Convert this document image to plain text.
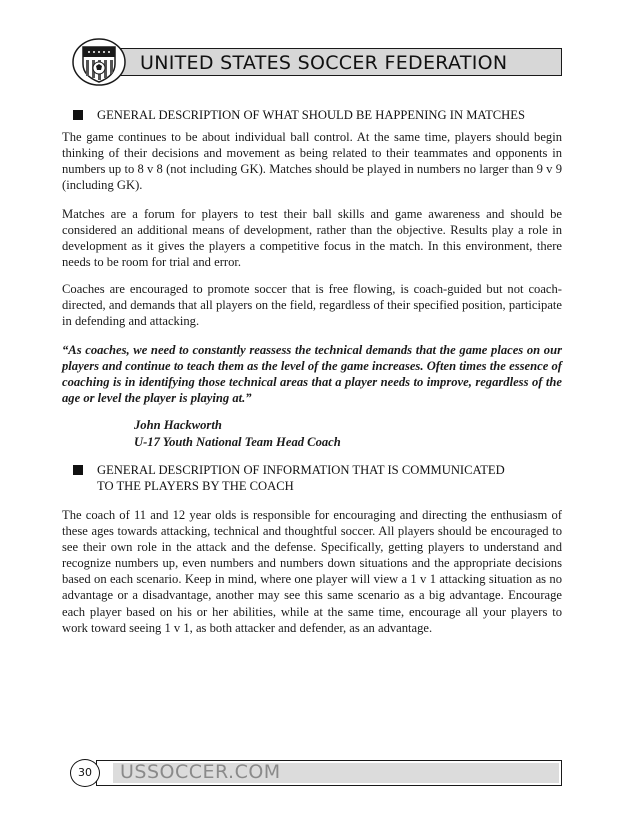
UNITED STATES SOCCER FEDERATION
GENERAL DESCRIPTION OF WHAT SHOULD BE HAPPENING IN MATCHES

The game continues to be about individual ball control. At the same time, players should begin thinking of their decisions and movement as being related to their teammates and opponents in numbers up to 8 v 8 (not including GK). Matches should be played in numbers no larger than 9 v 9 (including GK).

Matches are a forum for players to test their ball skills and game awareness and should be considered an additional means of development, rather than the objective. Results play a role in development as it gives the players a competitive focus in the match. In this environment, there needs to be room for trial and error.

Coaches are encouraged to promote soccer that is free flowing, is coach-guided but not coach-directed, and demands that all players on the field, regardless of their specified position, participate in defending and attacking.

“As coaches, we need to constantly reassess the technical demands that the game places on our players and continue to teach them as the level of the game increases. Often times the essence of coaching is in identifying those technical areas that a player needs to improve, regardless of the age or level the player is playing at.”

John Hackworth
U-17 Youth National Team Head Coach
GENERAL DESCRIPTION OF INFORMATION THAT IS COMMUNICATED
TO THE PLAYERS BY THE COACH

The coach of 11 and 12 year olds is responsible for encouraging and directing the enthusiasm of these ages towards attacking, technical and thoughtful soccer. All players should be encouraged to see their own role in the attack and the defense. Specifically, getting players to understand and recognize numbers up, even numbers and numbers down situations and the appropriate decisions based on each scenario. Keep in mind, where one player will view a 1 v 1 attacking situation as no advantage or a disadvantage, another may see this same scenario as a big advantage. Encourage each player based on his or her abilities, while at the same time, encourage all your players to work toward seeing 1 v 1, as both attacker and defender, as an advantage.

30	USSOCCER.COM
